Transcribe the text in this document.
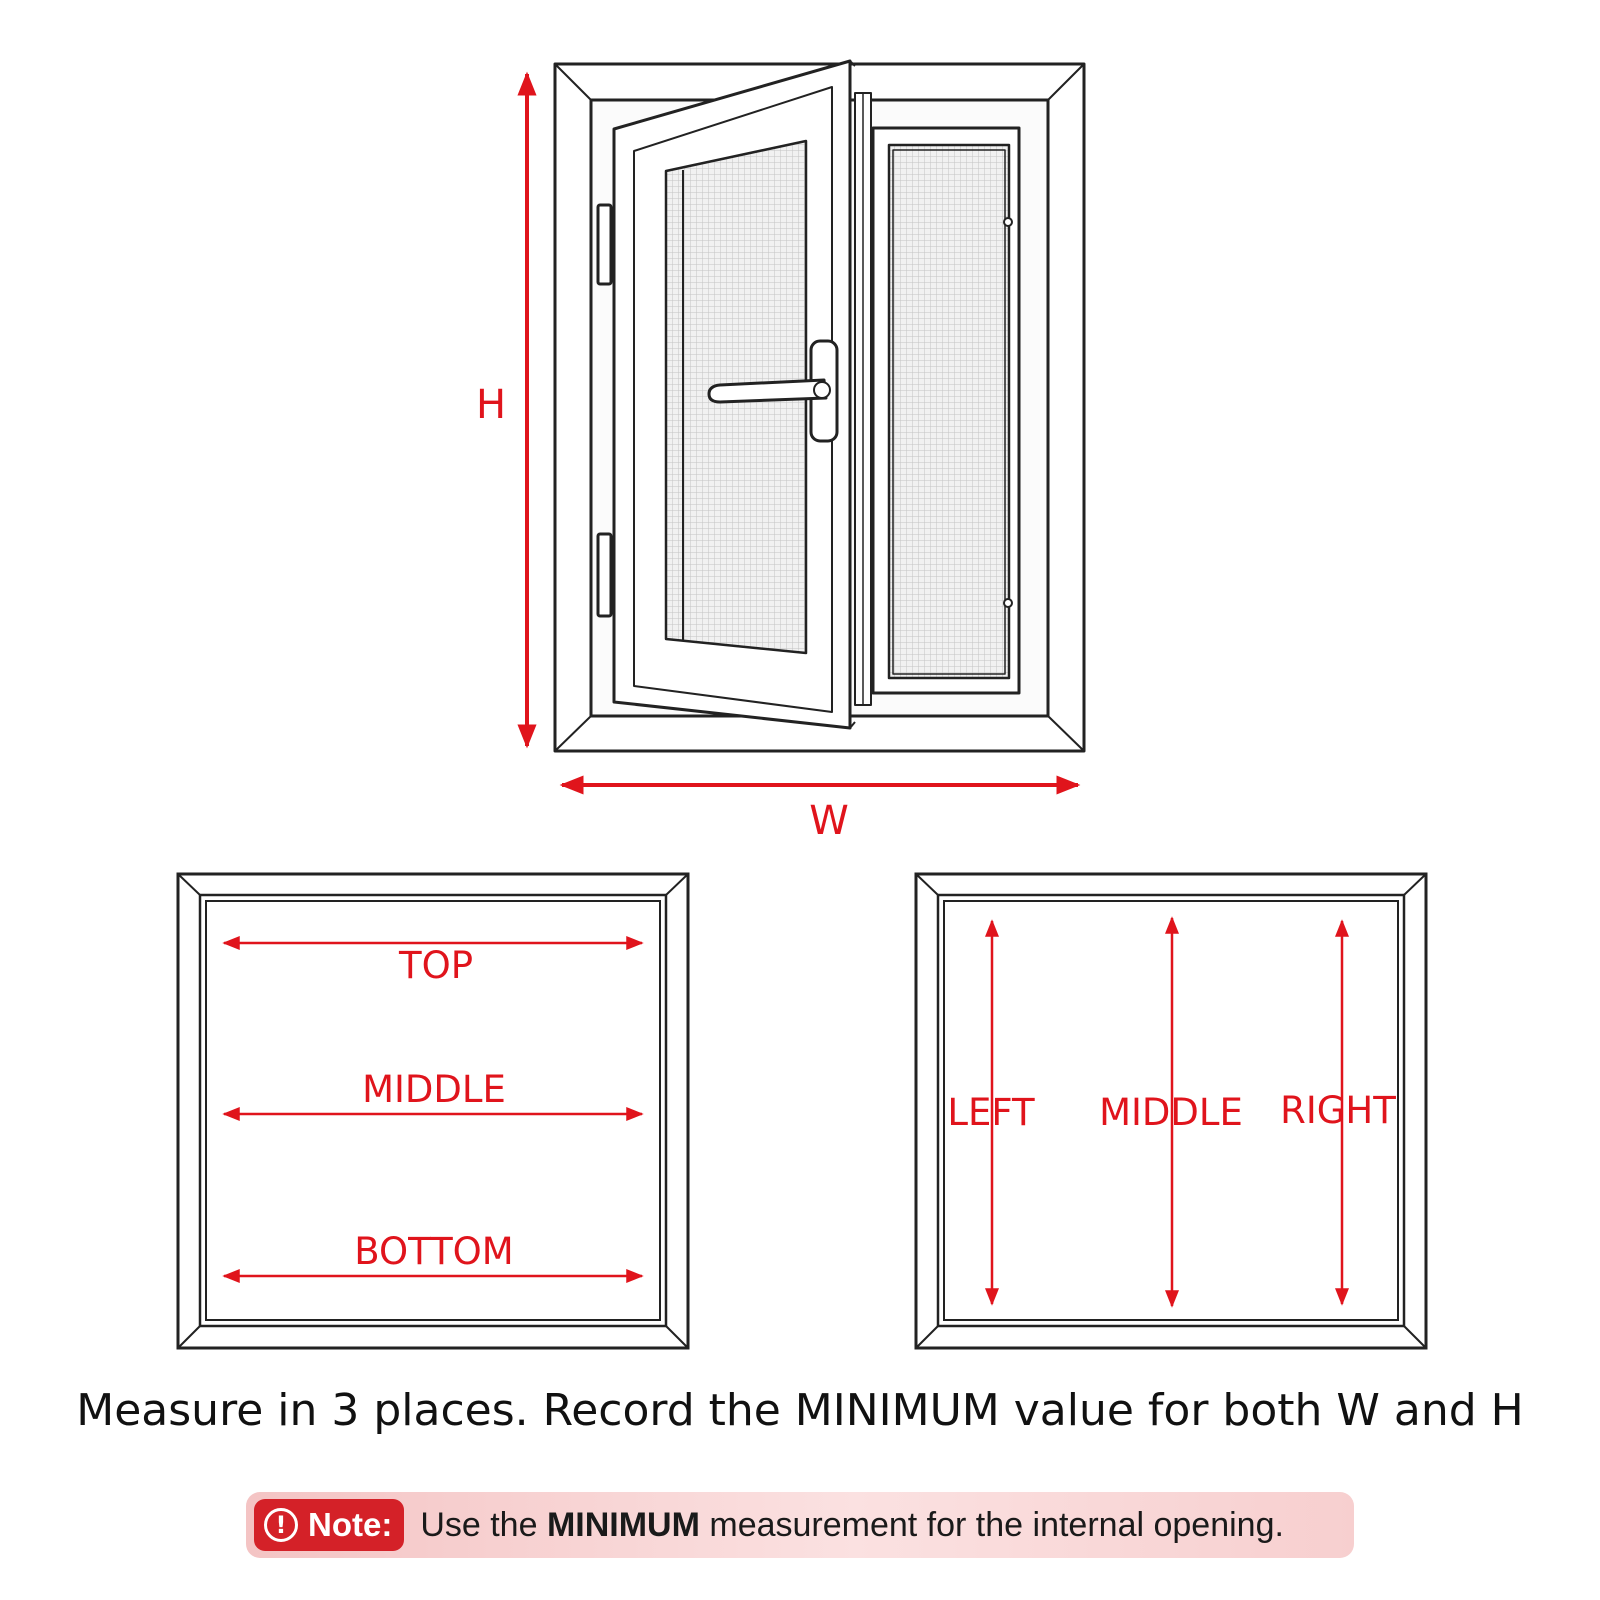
H
W
TOP
MIDDLE
BOTTOM
LEFT MIDDLE RIGHT
Measure in 3 places. Record the MINIMUM value for both W and H
! Note: Use the MINIMUM measurement for the internal opening.
